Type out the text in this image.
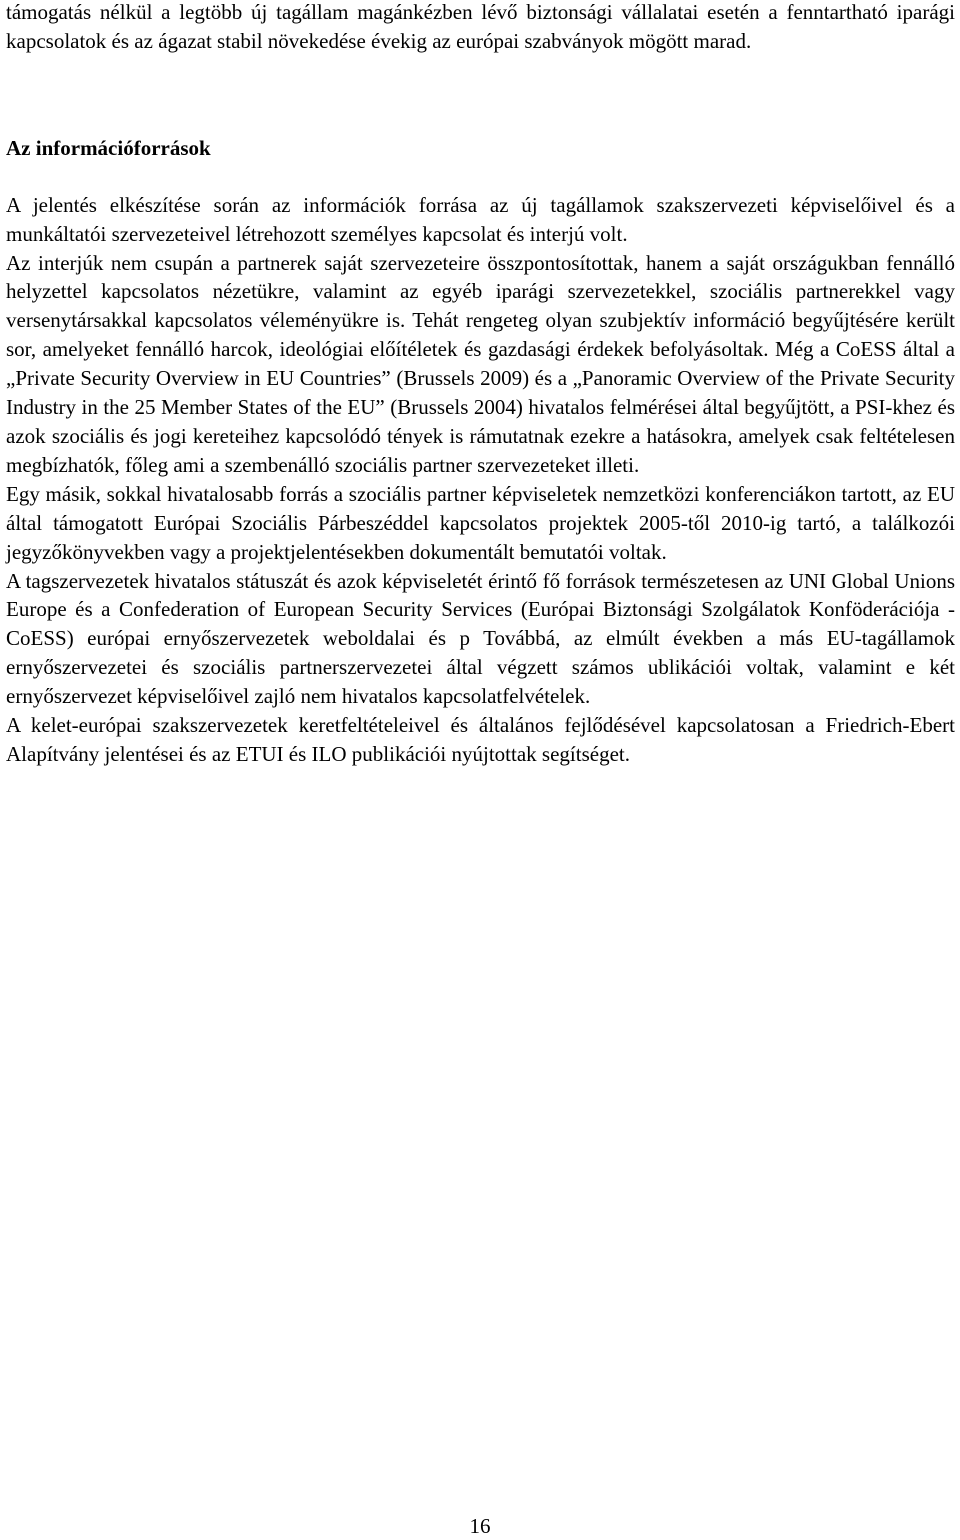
támogatás nélkül a legtöbb új tagállam magánkézben lévő biztonsági vállalatai esetén a fenntartható iparági kapcsolatok és az ágazat stabil növekedése évekig az európai szabványok mögött marad.

Az információforrások

A jelentés elkészítése során az információk forrása az új tagállamok szakszervezeti képviselőivel és a munkáltatói szervezeteivel létrehozott személyes kapcsolat és interjú volt.

Az interjúk nem csupán a partnerek saját szervezeteire összpontosítottak, hanem a saját országukban fennálló helyzettel kapcsolatos nézetükre, valamint az egyéb iparági szervezetekkel, szociális partnerekkel vagy versenytársakkal kapcsolatos véleményükre is. Tehát rengeteg olyan szubjektív információ begyűjtésére került sor, amelyeket fennálló harcok, ideológiai előítéletek és gazdasági érdekek befolyásoltak. Még a CoESS által a „Private Security Overview in EU Countries” (Brussels 2009) és a „Panoramic Overview of the Private Security Industry in the 25 Member States of the EU” (Brussels 2004) hivatalos felmérései által begyűjtött, a PSI-khez és azok szociális és jogi kereteihez kapcsolódó tények is rámutatnak ezekre a hatásokra, amelyek csak feltételesen megbízhatók, főleg ami a szembenálló szociális partner szervezeteket illeti.

Egy másik, sokkal hivatalosabb forrás a szociális partner képviseletek nemzetközi konferenciákon tartott, az EU által támogatott Európai Szociális Párbeszéddel kapcsolatos projektek 2005-től 2010-ig tartó, a találkozói jegyzőkönyvekben vagy a projektjelentésekben dokumentált bemutatói voltak.

A tagszervezetek hivatalos státuszát és azok képviseletét érintő fő források természetesen az UNI Global Unions Europe és a Confederation of European Security Services (Európai Biztonsági Szolgálatok Konföderációja - CoESS) európai ernyőszervezetek weboldalai és p Továbbá, az elmúlt években a más EU-tagállamok ernyőszervezetei és szociális partnerszervezetei által végzett számos ublikációi voltak, valamint e két ernyőszervezet képviselőivel zajló nem hivatalos kapcsolatfelvételek.

A kelet-európai szakszervezetek keretfeltételeivel és általános fejlődésével kapcsolatosan a Friedrich-Ebert Alapítvány jelentései és az ETUI és ILO publikációi nyújtottak segítséget.

16
